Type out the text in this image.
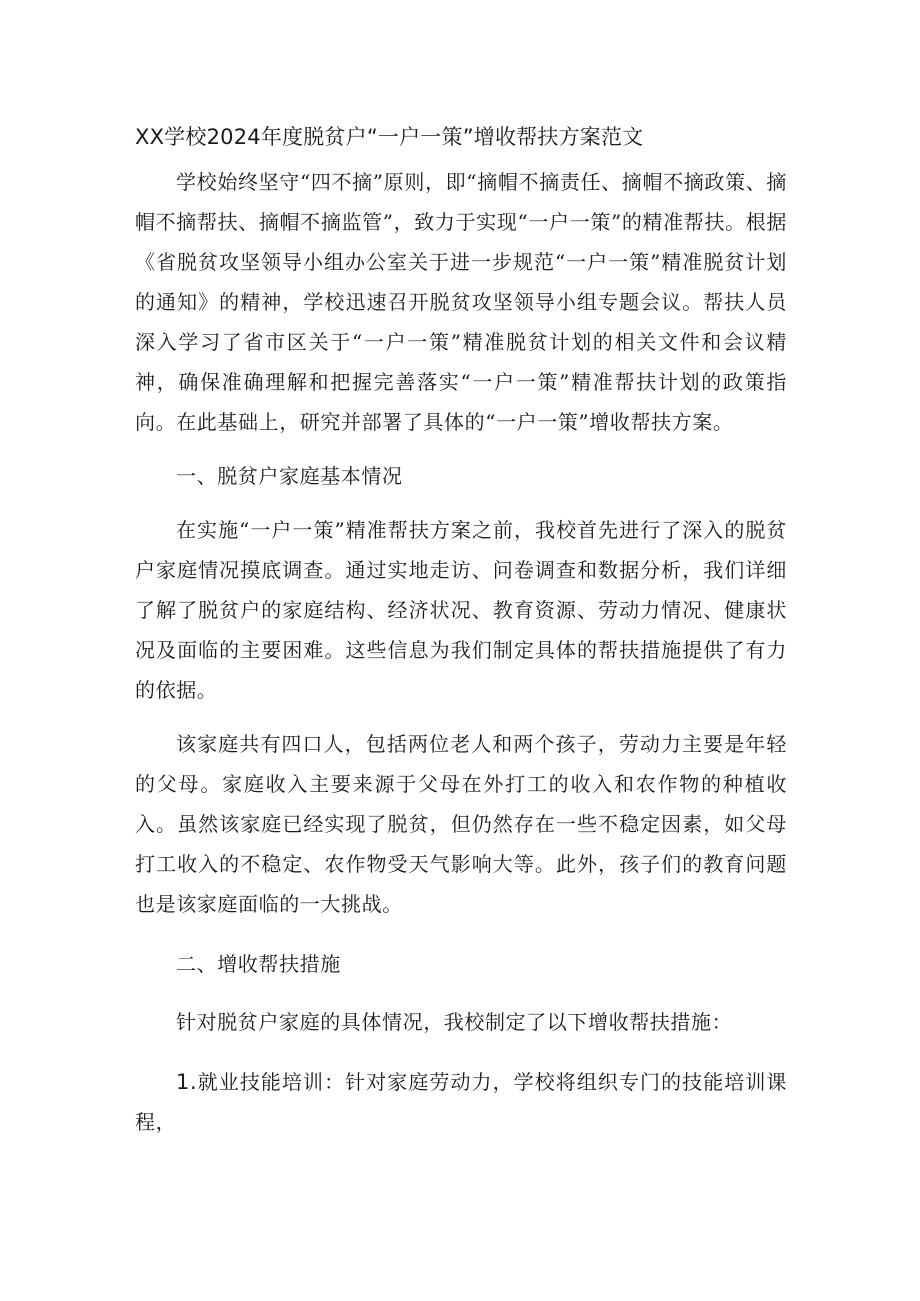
XX学校2024年度脱贫户“一户一策”增收帮扶方案范文

学校始终坚守“四不摘”原则，即“摘帽不摘责任、摘帽不摘政策、摘帽不摘帮扶、摘帽不摘监管”，致力于实现“一户一策”的精准帮扶。根据《省脱贫攻坚领导小组办公室关于进一步规范“一户一策”精准脱贫计划的通知》的精神，学校迅速召开脱贫攻坚领导小组专题会议。帮扶人员深入学习了省市区关于“一户一策”精准脱贫计划的相关文件和会议精神，确保准确理解和把握完善落实“一户一策”精准帮扶计划的政策指向。在此基础上，研究并部署了具体的“一户一策”增收帮扶方案。

一、脱贫户家庭基本情况

在实施“一户一策”精准帮扶方案之前，我校首先进行了深入的脱贫户家庭情况摸底调查。通过实地走访、问卷调查和数据分析，我们详细了解了脱贫户的家庭结构、经济状况、教育资源、劳动力情况、健康状况及面临的主要困难。这些信息为我们制定具体的帮扶措施提供了有力的依据。

该家庭共有四口人，包括两位老人和两个孩子，劳动力主要是年轻的父母。家庭收入主要来源于父母在外打工的收入和农作物的种植收入。虽然该家庭已经实现了脱贫，但仍然存在一些不稳定因素，如父母打工收入的不稳定、农作物受天气影响大等。此外，孩子们的教育问题也是该家庭面临的一大挑战。

二、增收帮扶措施

针对脱贫户家庭的具体情况，我校制定了以下增收帮扶措施：

1.就业技能培训：针对家庭劳动力，学校将组织专门的技能培训课程，
